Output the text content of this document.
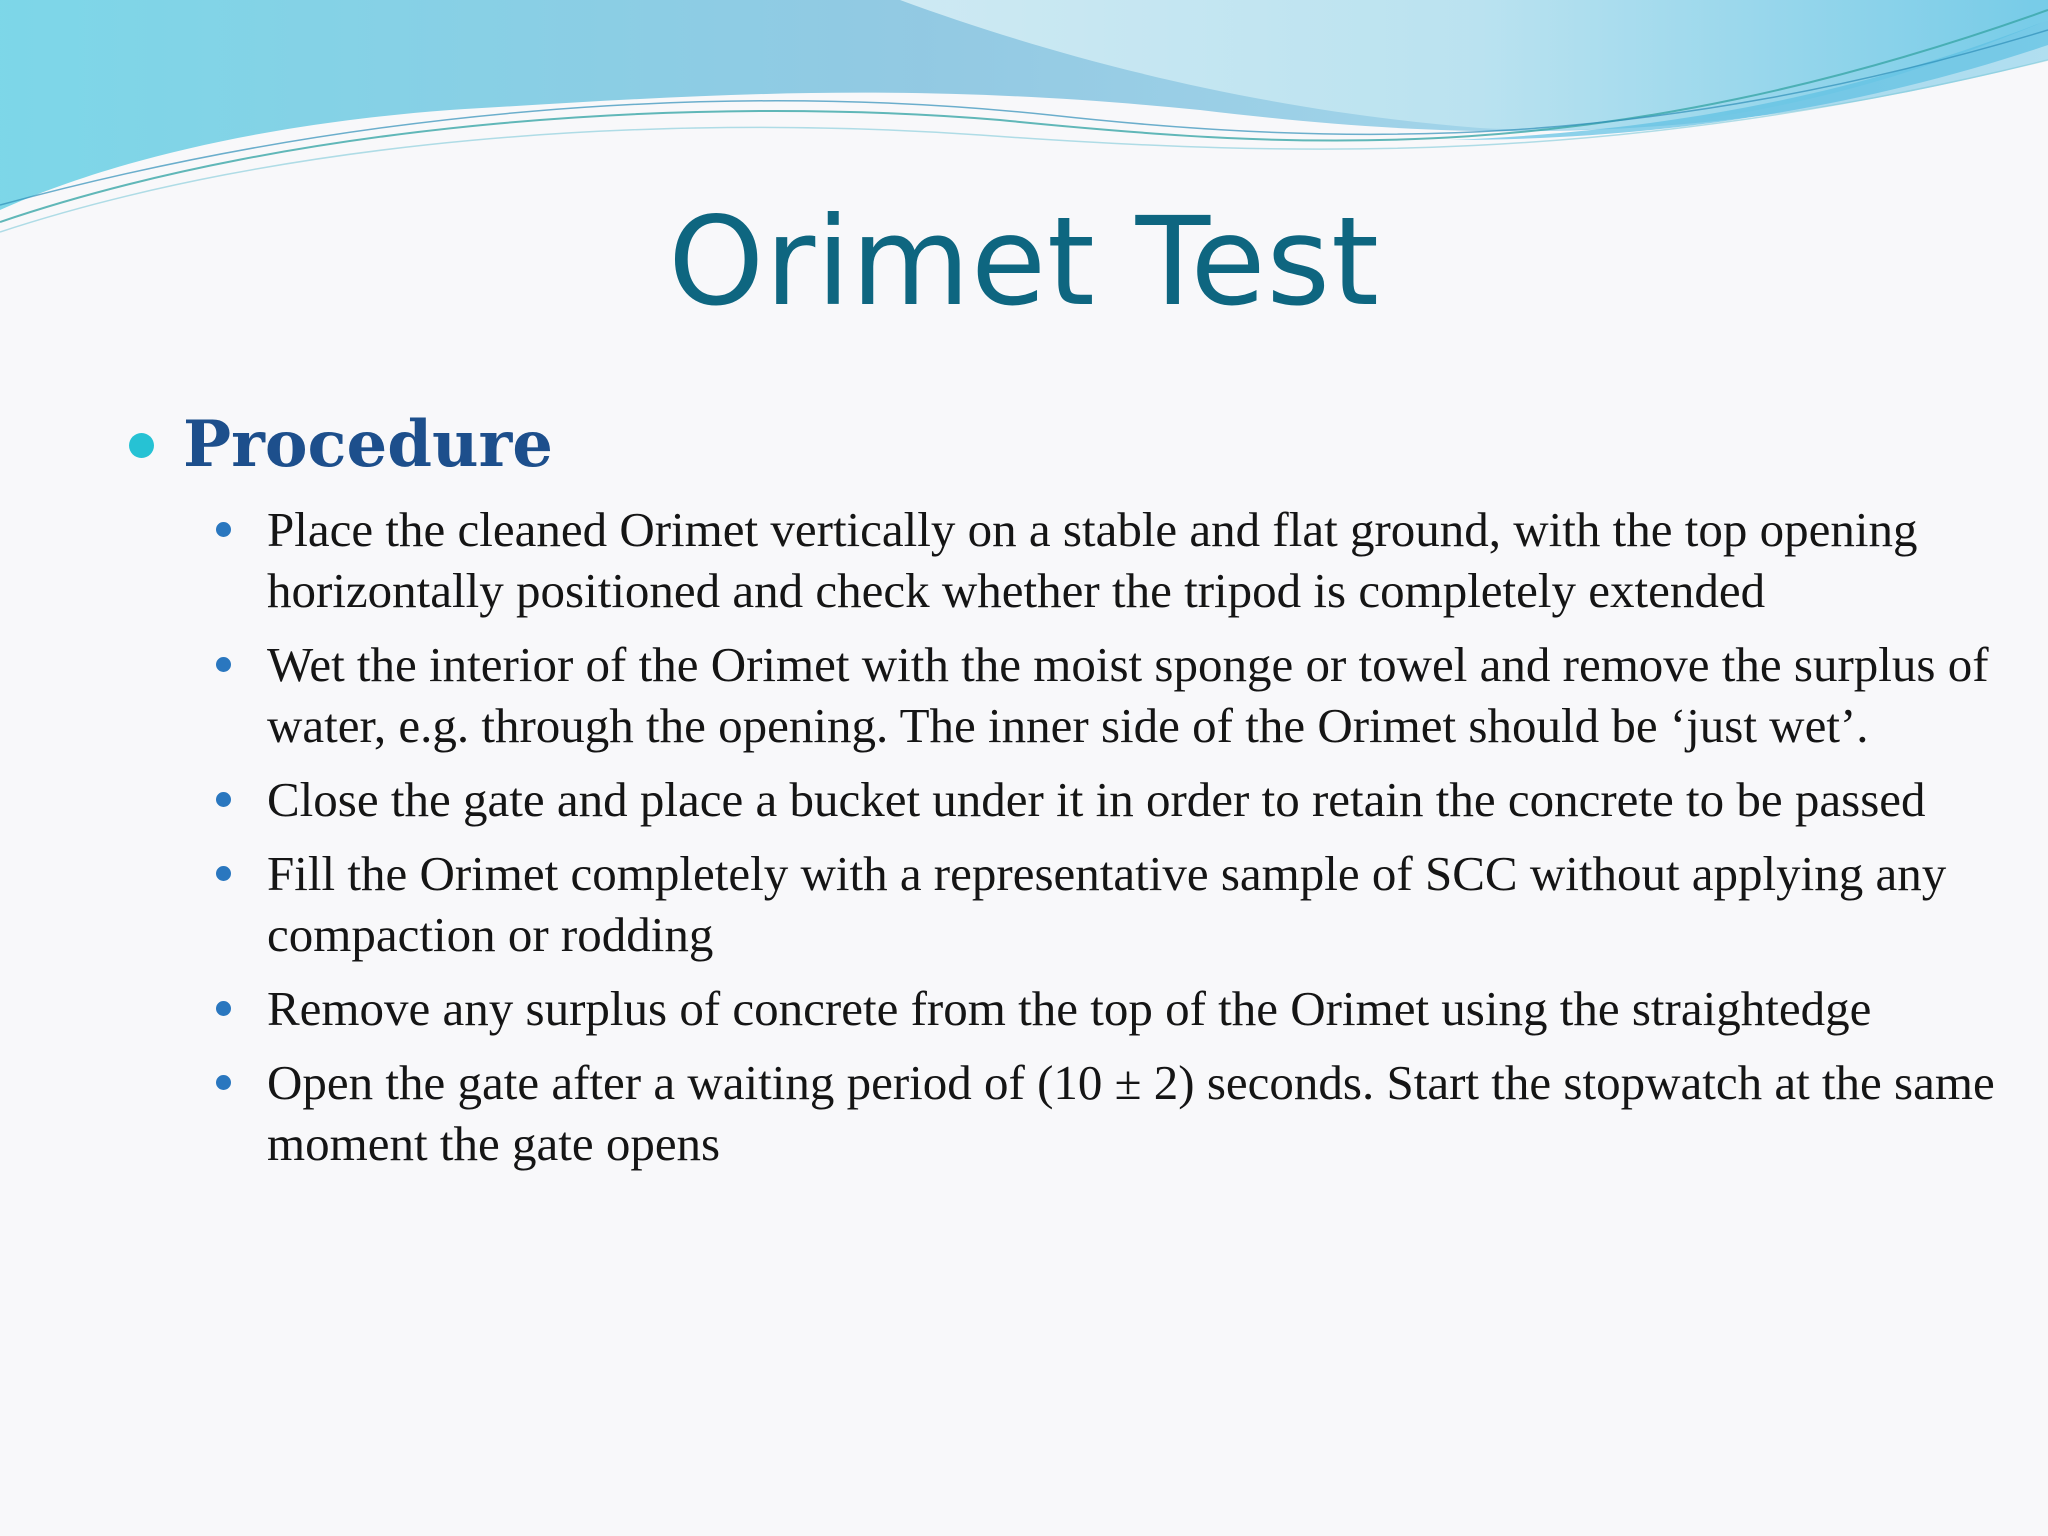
Orimet Test
Procedure
Place the cleaned Orimet vertically on a stable and flat ground, with the top opening horizontally positioned and check whether the tripod is completely extended
Wet the interior of the Orimet with the moist sponge or towel and remove the surplus of water, e.g. through the opening. The inner side of the Orimet should be ‘just wet’.
Close the gate and place a bucket under it in order to retain the concrete to be passed
Fill the Orimet completely with a representative sample of SCC without applying any compaction or rodding
Remove any surplus of concrete from the top of the Orimet using the straightedge
Open the gate after a waiting period of (10 ± 2) seconds. Start the stopwatch at the same moment the gate opens
